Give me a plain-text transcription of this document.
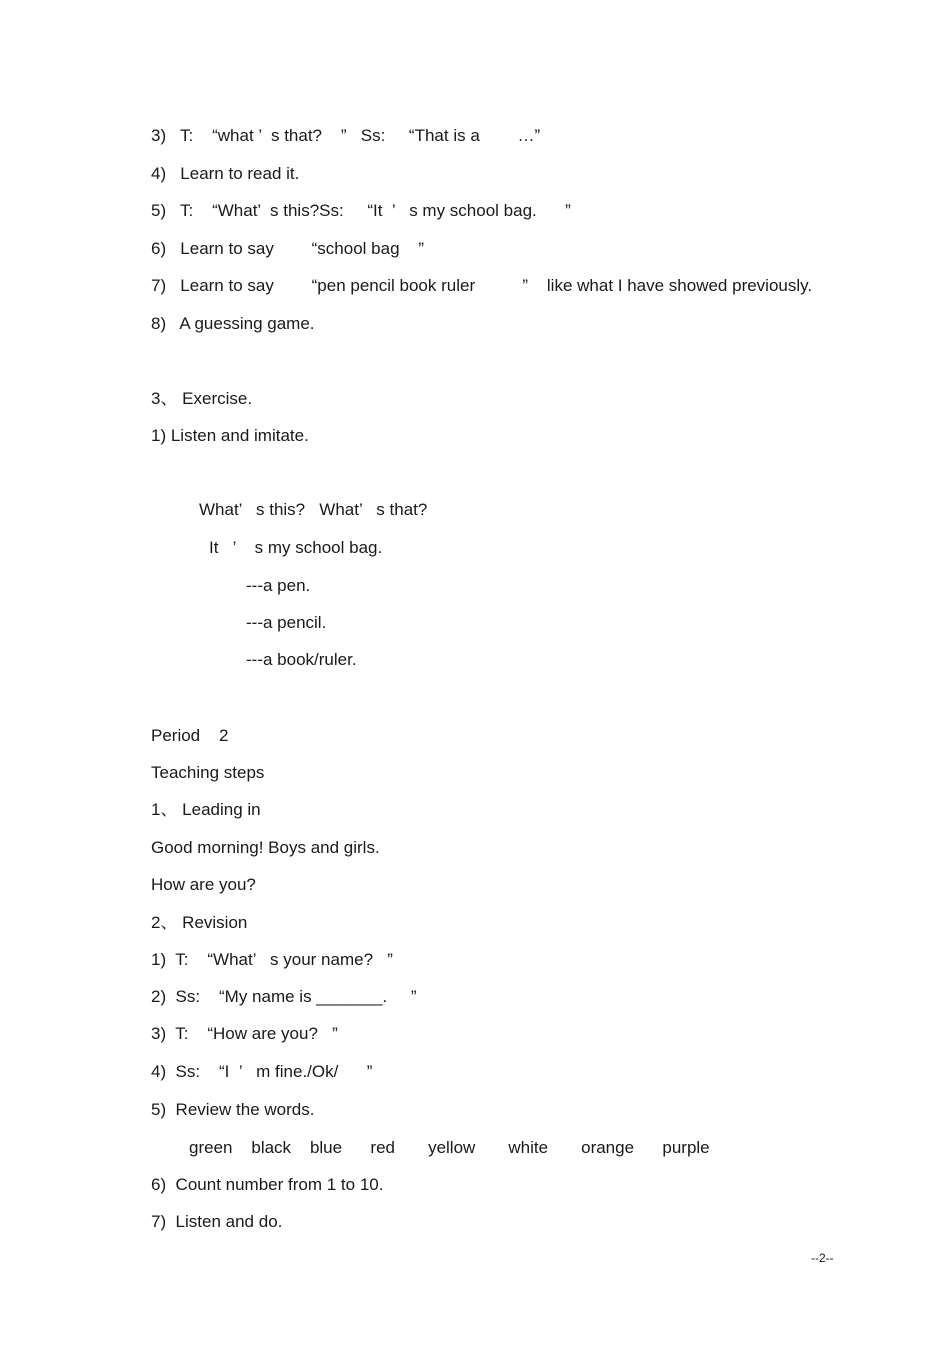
3)   T:    “what ’  s that?    ”   Ss:     “That is a        …”
4)   Learn to read it.
5)   T:    “What’  s this?Ss:     “It  ’   s my school bag.      ”
6)   Learn to say        “school bag    ”
7)   Learn to say        “pen pencil book ruler          ”    like what I have showed previously.
8)   A guessing game.
3、 Exercise.
1) Listen and imitate.
What’   s this?   What’   s that?
It   ’    s my school bag.
---a pen.
---a pencil.
---a book/ruler.
Period    2
Teaching steps
1、 Leading in
Good morning! Boys and girls.
How are you?
2、 Revision
1)  T:    “What’   s your name?   ”
2)  Ss:    “My name is _______.     ”
3)  T:    “How are you?   ”
4)  Ss:    “I  ’   m fine./Ok/      ”
5)  Review the words.
green    black    blue      red       yellow       white       orange      purple
6)  Count number from 1 to 10.
7)  Listen and do.
--2--
